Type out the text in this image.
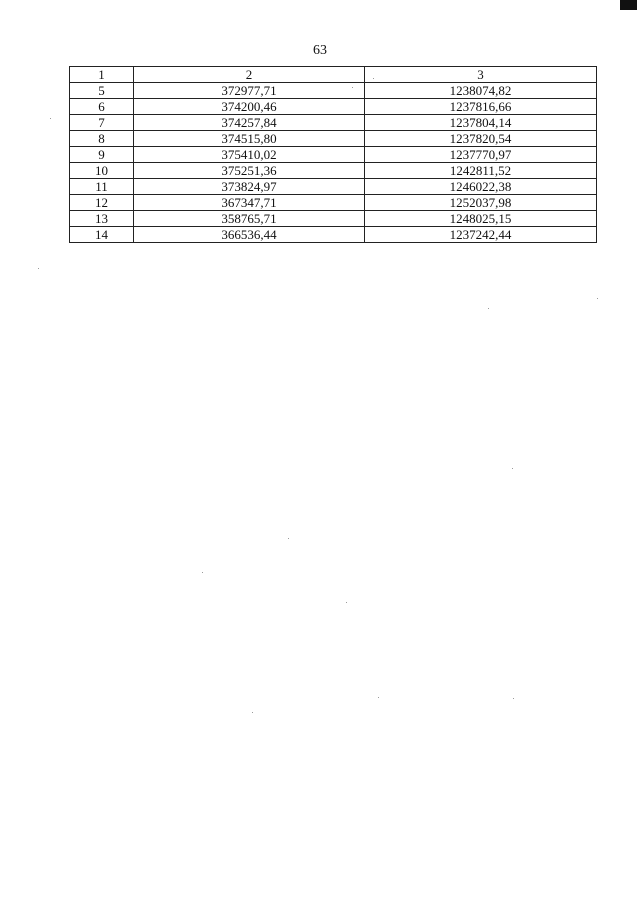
63
1	2	3
5	372977,71	1238074,82
6	374200,46	1237816,66
7	374257,84	1237804,14
8	374515,80	1237820,54
9	375410,02	1237770,97
10	375251,36	1242811,52
11	373824,97	1246022,38
12	367347,71	1252037,98
13	358765,71	1248025,15
14	366536,44	1237242,44
